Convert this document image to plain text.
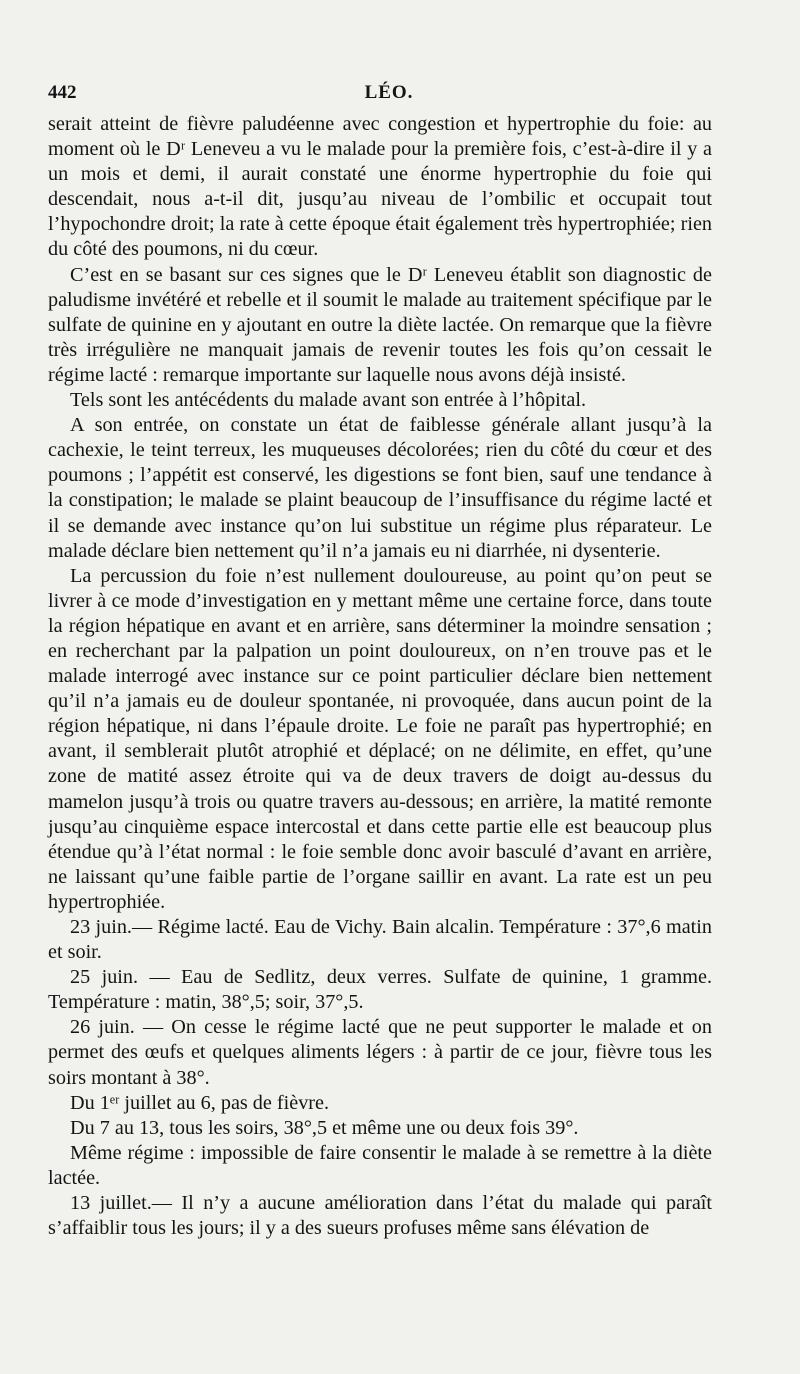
442	LÉO.

serait atteint de fièvre paludéenne avec congestion et hypertrophie du foie: au moment où le Dʳ Leneveu a vu le malade pour la première fois, c’est-à-dire il y a un mois et demi, il aurait constaté une énorme hypertrophie du foie qui descendait, nous a-t-il dit, jusqu’au niveau de l’ombilic et occupait tout l’hypochondre droit; la rate à cette époque était également très hypertrophiée; rien du côté des poumons, ni du cœur.

C’est en se basant sur ces signes que le Dʳ Leneveu établit son diagnostic de paludisme invétéré et rebelle et il soumit le malade au traitement spécifique par le sulfate de quinine en y ajoutant en outre la diète lactée. On remarque que la fièvre très irrégulière ne manquait jamais de revenir toutes les fois qu’on cessait le régime lacté : remarque importante sur laquelle nous avons déjà insisté.

Tels sont les antécédents du malade avant son entrée à l’hôpital.

A son entrée, on constate un état de faiblesse générale allant jusqu’à la cachexie, le teint terreux, les muqueuses décolorées; rien du côté du cœur et des poumons ; l’appétit est conservé, les digestions se font bien, sauf une tendance à la constipation; le malade se plaint beaucoup de l’insuffisance du régime lacté et il se demande avec instance qu’on lui substitue un régime plus réparateur. Le malade déclare bien nettement qu’il n’a jamais eu ni diarrhée, ni dysenterie.

La percussion du foie n’est nullement douloureuse, au point qu’on peut se livrer à ce mode d’investigation en y mettant même une certaine force, dans toute la région hépatique en avant et en arrière, sans déterminer la moindre sensation ; en recherchant par la palpation un point douloureux, on n’en trouve pas et le malade interrogé avec instance sur ce point particulier déclare bien nettement qu’il n’a jamais eu de douleur spontanée, ni provoquée, dans aucun point de la région hépatique, ni dans l’épaule droite. Le foie ne paraît pas hypertrophié; en avant, il semblerait plutôt atrophié et déplacé; on ne délimite, en effet, qu’une zone de matité assez étroite qui va de deux travers de doigt au-dessus du mamelon jusqu’à trois ou quatre travers au-dessous; en arrière, la matité remonte jusqu’au cinquième espace intercostal et dans cette partie elle est beaucoup plus étendue qu’à l’état normal : le foie semble donc avoir basculé d’avant en arrière, ne laissant qu’une faible partie de l’organe saillir en avant. La rate est un peu hypertrophiée.

23 juin.— Régime lacté. Eau de Vichy. Bain alcalin. Température : 37°,6 matin et soir.

25 juin. — Eau de Sedlitz, deux verres. Sulfate de quinine, 1 gramme. Température : matin, 38°,5; soir, 37°,5.

26 juin. — On cesse le régime lacté que ne peut supporter le malade et on permet des œufs et quelques aliments légers : à partir de ce jour, fièvre tous les soirs montant à 38°.

Du 1ᵉʳ juillet au 6, pas de fièvre.

Du 7 au 13, tous les soirs, 38°,5 et même une ou deux fois 39°.

Même régime : impossible de faire consentir le malade à se remettre à la diète lactée.

13 juillet.— Il n’y a aucune amélioration dans l’état du malade qui paraît s’affaiblir tous les jours; il y a des sueurs profuses même sans élévation de
